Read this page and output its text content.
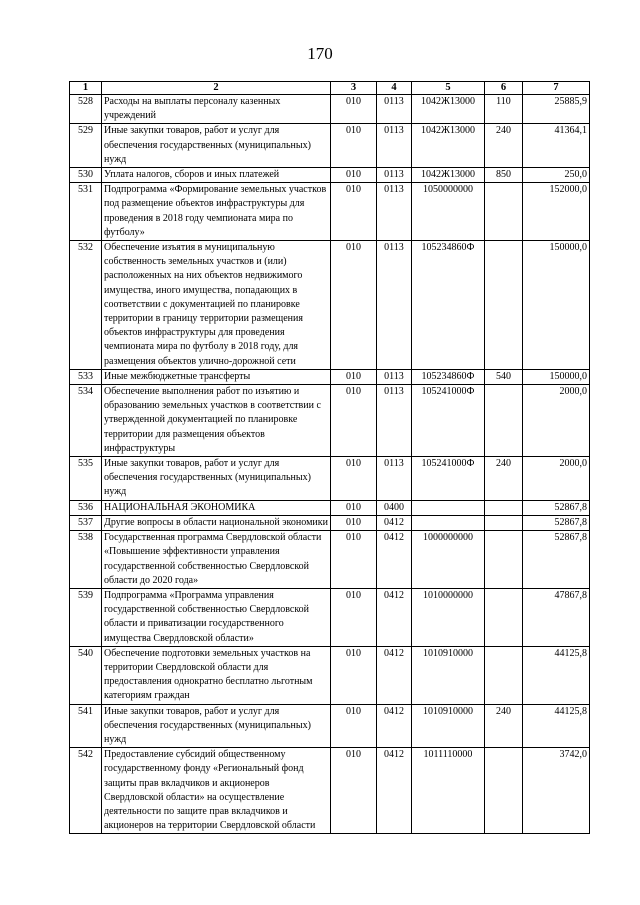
170
1	2	3	4	5	6	7
528	Расходы на выплаты персоналу казенных учреждений	010	0113	1042Ж13000	110	25885,9
529	Иные закупки товаров, работ и услуг для обеспечения государственных (муниципальных) нужд	010	0113	1042Ж13000	240	41364,1
530	Уплата налогов, сборов и иных платежей	010	0113	1042Ж13000	850	250,0
531	Подпрограмма «Формирование земельных участков под размещение объектов инфраструктуры для проведения в 2018 году чемпионата мира по футболу»	010	0113	1050000000		152000,0
532	Обеспечение изъятия в муниципальную собственность земельных участков и (или) расположенных на них объектов недвижимого имущества, иного имущества, попадающих в соответствии с документацией по планировке территории в границу территории размещения объектов инфраструктуры для проведения чемпионата мира по футболу в 2018 году, для размещения объектов улично-дорожной сети	010	0113	105234860Ф		150000,0
533	Иные межбюджетные трансферты	010	0113	105234860Ф	540	150000,0
534	Обеспечение выполнения работ по изъятию и образованию земельных участков в соответствии с утвержденной документацией по планировке территории для размещения объектов инфраструктуры	010	0113	105241000Ф		2000,0
535	Иные закупки товаров, работ и услуг для обеспечения государственных (муниципальных) нужд	010	0113	105241000Ф	240	2000,0
536	НАЦИОНАЛЬНАЯ ЭКОНОМИКА	010	0400			52867,8
537	Другие вопросы в области национальной экономики	010	0412			52867,8
538	Государственная программа Свердловской области «Повышение эффективности управления государственной собственностью Свердловской области до 2020 года»	010	0412	1000000000		52867,8
539	Подпрограмма «Программа управления государственной собственностью Свердловской области и приватизации государственного имущества Свердловской области»	010	0412	1010000000		47867,8
540	Обеспечение подготовки земельных участков на территории Свердловской области для предоставления однократно бесплатно льготным категориям граждан	010	0412	1010910000		44125,8
541	Иные закупки товаров, работ и услуг для обеспечения государственных (муниципальных) нужд	010	0412	1010910000	240	44125,8
542	Предоставление субсидий общественному государственному фонду «Региональный фонд защиты прав вкладчиков и акционеров Свердловской области» на осуществление деятельности по защите прав вкладчиков и акционеров на территории Свердловской области	010	0412	1011110000		3742,0
